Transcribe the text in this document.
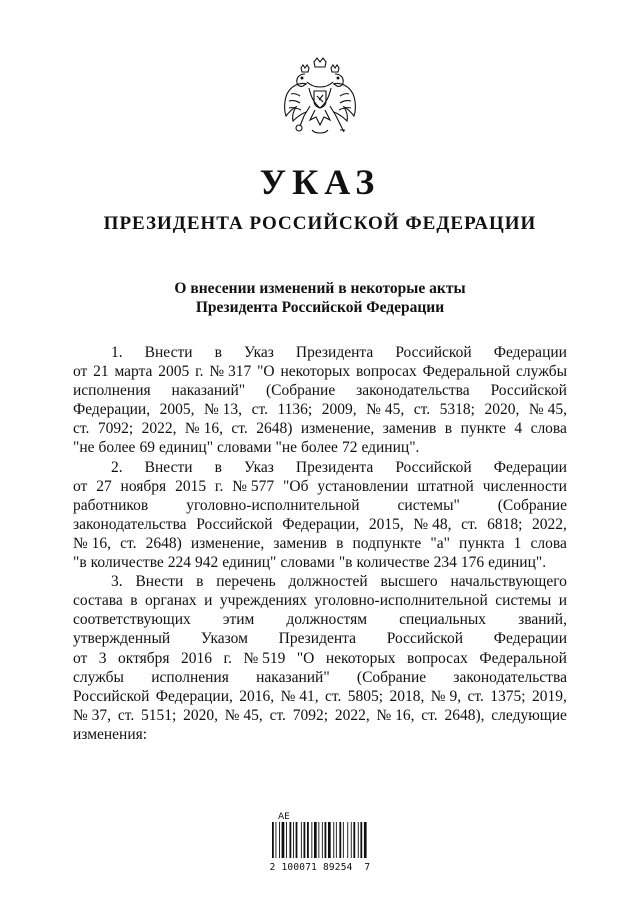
УКАЗ
ПРЕЗИДЕНТА РОССИЙСКОЙ ФЕДЕРАЦИИ
О внесении изменений в некоторые акты
Президента Российской Федерации
1. Внести в Указ Президента Российской Федерации
от 21 марта 2005 г. № 317 "О некоторых вопросах Федеральной службы
исполнения наказаний" (Собрание законодательства Российской
Федерации, 2005, № 13, ст. 1136; 2009, № 45, ст. 5318; 2020, № 45,
ст. 7092; 2022, № 16, ст. 2648) изменение, заменив в пункте 4 слова
"не более 69 единиц" словами "не более 72 единиц".
2. Внести в Указ Президента Российской Федерации
от 27 ноября 2015 г. № 577 "Об установлении штатной численности
работников уголовно-исполнительной системы" (Собрание
законодательства Российской Федерации, 2015, № 48, ст. 6818; 2022,
№ 16, ст. 2648) изменение, заменив в подпункте "а" пункта 1 слова
"в количестве 224 942 единиц" словами "в количестве 234 176 единиц".
3. Внести в перечень должностей высшего начальствующего
состава в органах и учреждениях уголовно-исполнительной системы и
соответствующих этим должностям специальных званий,
утвержденный Указом Президента Российской Федерации
от 3 октября 2016 г. № 519 "О некоторых вопросах Федеральной
службы исполнения наказаний" (Собрание законодательства
Российской Федерации, 2016, № 41, ст. 5805; 2018, № 9, ст. 1375; 2019,
№ 37, ст. 5151; 2020, № 45, ст. 7092; 2022, № 16, ст. 2648), следующие
изменения:
AE
2 100071 89254  7
